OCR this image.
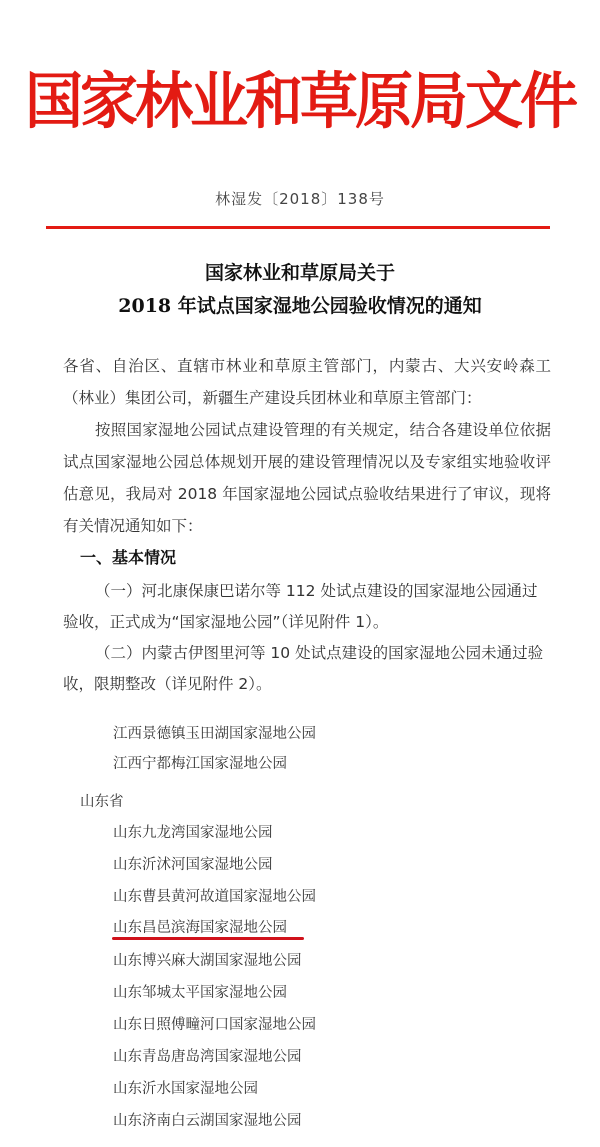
国家林业和草原局文件
林湿发〔2018〕138号
国家林业和草原局关于
2018 年试点国家湿地公园验收情况的通知

各省、自治区、直辖市林业和草原主管部门，内蒙古、大兴安岭森工（林业）集团公司，新疆生产建设兵团林业和草原主管部门：

按照国家湿地公园试点建设管理的有关规定，结合各建设单位依据试点国家湿地公园总体规划开展的建设管理情况以及专家组实地验收评估意见，我局对 2018 年国家湿地公园试点验收结果进行了审议，现将有关情况通知如下：

一、基本情况

（一）河北康保康巴诺尔等 112 处试点建设的国家湿地公园通过验收，正式成为“国家湿地公园”（详见附件 1）。

（二）内蒙古伊图里河等 10 处试点建设的国家湿地公园未通过验收，限期整改（详见附件 2）。

江西景德镇玉田湖国家湿地公园
江西宁都梅江国家湿地公园
山东省
山东九龙湾国家湿地公园
山东沂沭河国家湿地公园
山东曹县黄河故道国家湿地公园
山东昌邑滨海国家湿地公园
山东博兴麻大湖国家湿地公园
山东邹城太平国家湿地公园
山东日照傅疃河口国家湿地公园
山东青岛唐岛湾国家湿地公园
山东沂水国家湿地公园
山东济南白云湖国家湿地公园
